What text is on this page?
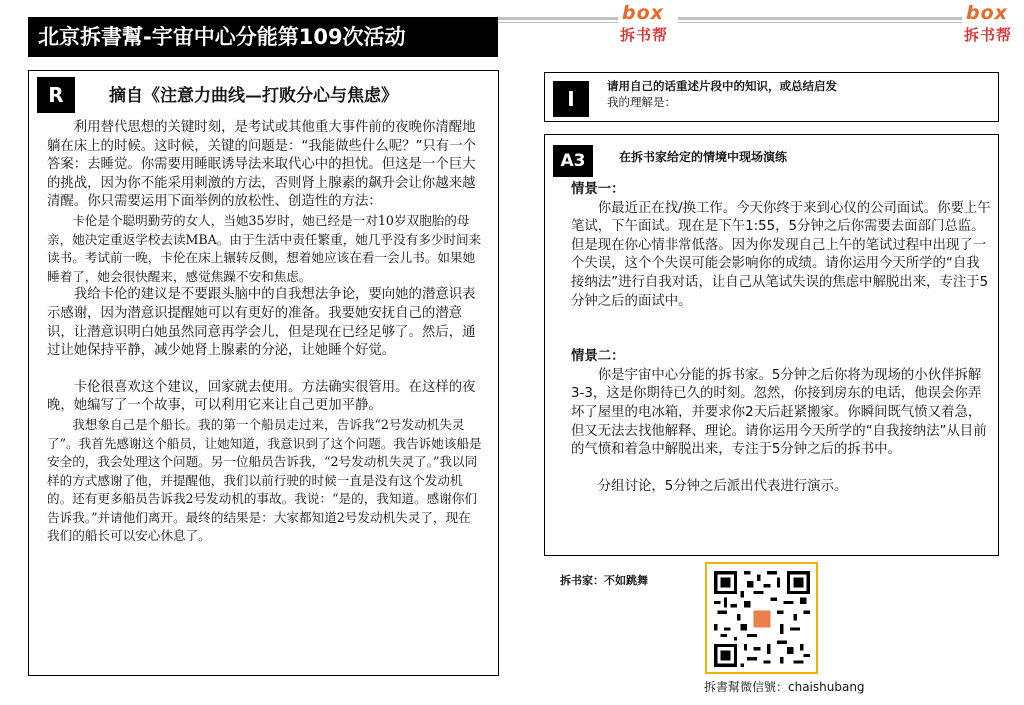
北京拆書幫-宇宙中心分能第109次活动
box
拆书帮
box
拆书帮
R	摘自《注意力曲线—打败分心与焦虑》

利用替代思想的关键时刻，是考试或其他重大事件前的夜晚你清醒地躺在床上的时候。这时候，关键的问题是：“我能做些什么呢？”只有一个答案：去睡觉。你需要用睡眠诱导法来取代心中的担忧。但这是一个巨大的挑战，因为你不能采用刺激的方法，否则肾上腺素的飙升会让你越来越清醒。你只需要运用下面举例的放松性、创造性的方法：

卡伦是个聪明勤劳的女人，当她35岁时，她已经是一对10岁双胞胎的母亲，她决定重返学校去读MBA。由于生活中责任繁重，她几乎没有多少时间来读书。考试前一晚，卡伦在床上辗转反侧，想着她应该在看一会儿书。如果她睡着了，她会很快醒来，感觉焦躁不安和焦虑。

我给卡伦的建议是不要跟头脑中的自我想法争论，要向她的潜意识表示感谢，因为潜意识提醒她可以有更好的准备。我要她安抚自己的潜意识，让潜意识明白她虽然同意再学会儿，但是现在已经足够了。然后，通过让她保持平静，减少她肾上腺素的分泌，让她睡个好觉。

卡伦很喜欢这个建议，回家就去使用。方法确实很管用。在这样的夜晚，她编写了一个故事，可以利用它来让自己更加平静。

我想象自己是个船长。我的第一个船员走过来，告诉我“2号发动机失灵了”。我首先感谢这个船员，让她知道，我意识到了这个问题。我告诉她该船是安全的，我会处理这个问题。另一位船员告诉我，“2号发动机失灵了。”我以同样的方式感谢了他，并提醒他，我们以前行驶的时候一直是没有这个发动机的。还有更多船员告诉我2号发动机的事故。我说：“是的，我知道。感谢你们告诉我。”并请他们离开。最终的结果是：大家都知道2号发动机失灵了，现在我们的船长可以安心休息了。

I
请用自己的话重述片段中的知识，或总结启发
我的理解是：
A3	在拆书家给定的情境中现场演练
情景一：

你最近正在找/换工作。今天你终于来到心仪的公司面试。你要上午笔试，下午面试。现在是下午1:55，5分钟之后你需要去面部门总监。但是现在你心情非常低落。因为你发现自己上午的笔试过程中出现了一个失误，这个个失误可能会影响你的成绩。请你运用今天所学的“自我接纳法”进行自我对话，让自己从笔试失误的焦虑中解脱出来，专注于5分钟之后的面试中。

情景二：

你是宇宙中心分能的拆书家。5分钟之后你将为现场的小伙伴拆解3-3，这是你期待已久的时刻。忽然，你接到房东的电话，他误会你弄坏了屋里的电冰箱，并要求你2天后赶紧搬家。你瞬间既气愤又着急，但又无法去找他解释、理论。请你运用今天所学的“自我接纳法”从目前的气愤和着急中解脱出来，专注于5分钟之后的拆书中。

分组讨论，5分钟之后派出代表进行演示。

拆书家：不如跳舞
拆書幫微信號：chaishubang
